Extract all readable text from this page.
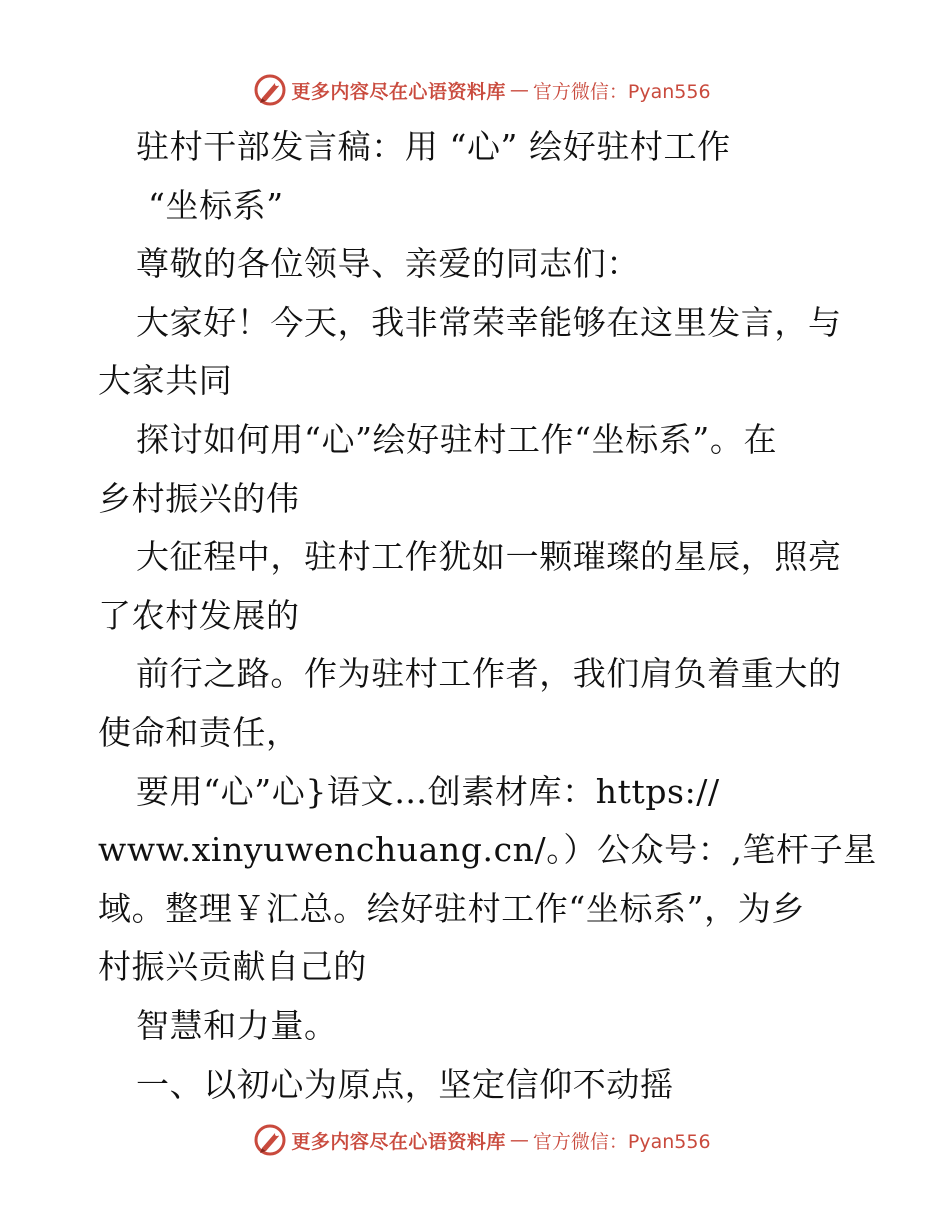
更多内容尽在心语资料库 — 官方微信：Pyan556
驻村干部发言稿：用 “心” 绘好驻村工作
“坐标系”
尊敬的各位领导、亲爱的同志们：
大家好！今天，我非常荣幸能够在这里发言，与
大家共同
探讨如何用“心”绘好驻村工作“坐标系”。在
乡村振兴的伟
大征程中，驻村工作犹如一颗璀璨的星辰，照亮
了农村发展的
前行之路。作为驻村工作者，我们肩负着重大的
使命和责任，
要用“心”心}语文…创素材库：https://
www.xinyuwenchuang.cn/。）公众号：,笔杆子星
域。整理￥汇总。绘好驻村工作“坐标系”，为乡
村振兴贡献自己的
智慧和力量。
一、以初心为原点，坚定信仰不动摇
更多内容尽在心语资料库 — 官方微信：Pyan556
